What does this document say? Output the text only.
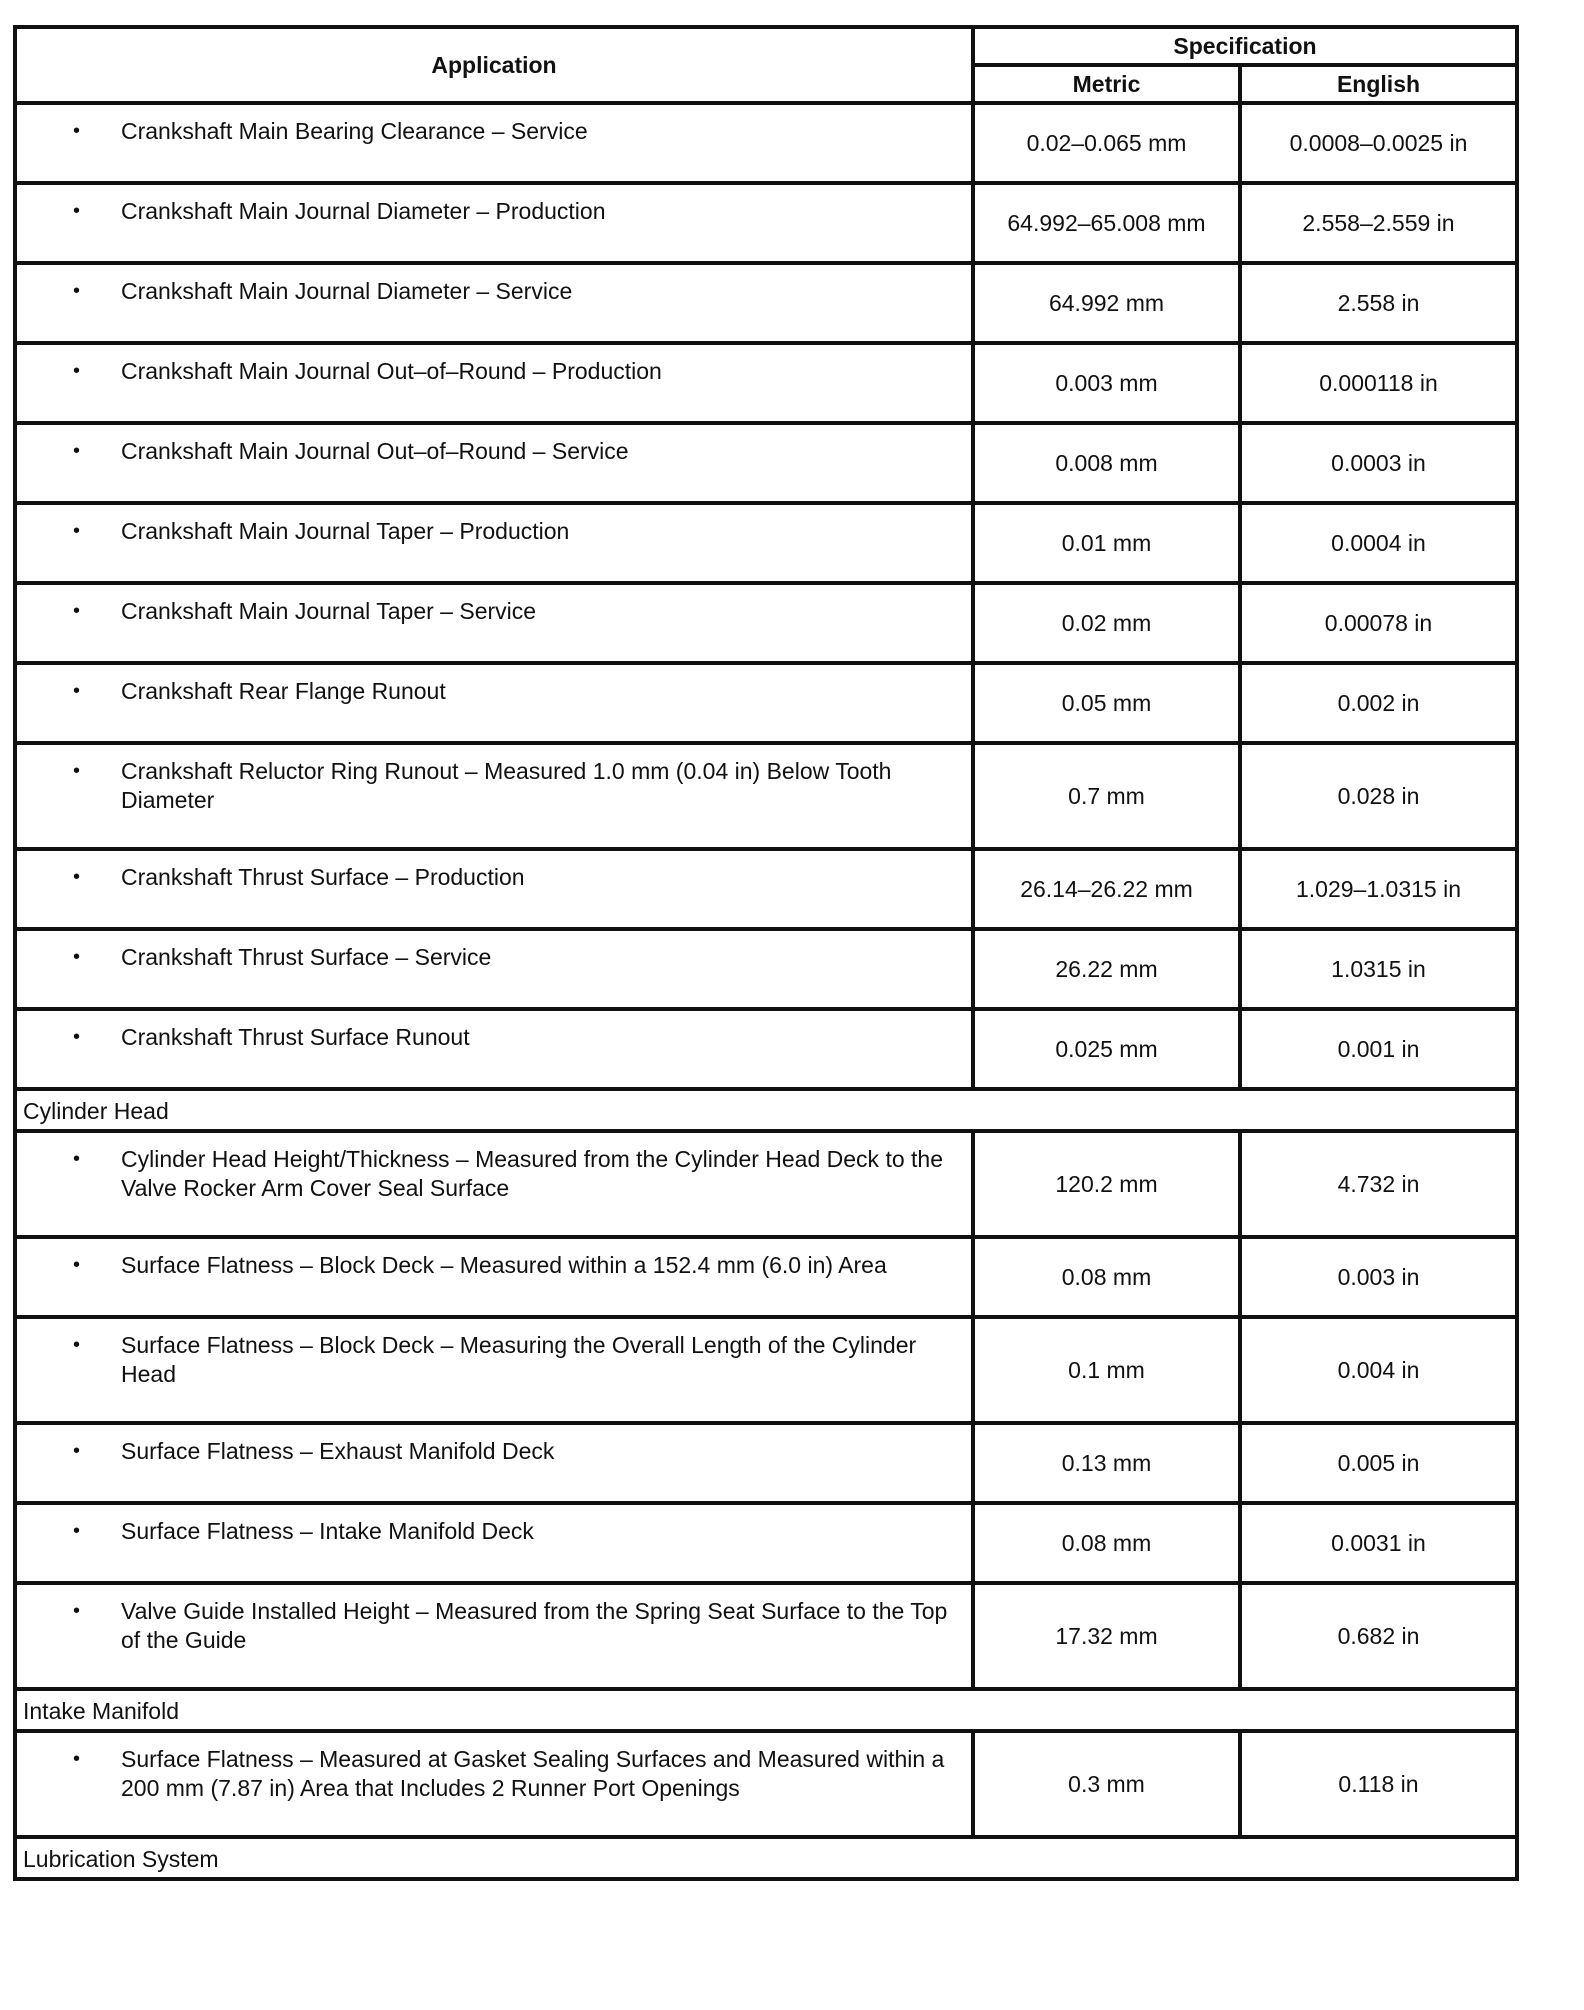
Application	Specification	
	Metric	English

• Crankshaft Main Bearing Clearance – Service	0.02–0.065 mm	0.0008–0.0025 in

• Crankshaft Main Journal Diameter – Production	64.992–65.008 mm	2.558–2.559 in

• Crankshaft Main Journal Diameter – Service	64.992 mm	2.558 in

• Crankshaft Main Journal Out–of–Round – Production	0.003 mm	0.000118 in

• Crankshaft Main Journal Out–of–Round – Service	0.008 mm	0.0003 in

• Crankshaft Main Journal Taper – Production	0.01 mm	0.0004 in

• Crankshaft Main Journal Taper – Service	0.02 mm	0.00078 in

• Crankshaft Rear Flange Runout	0.05 mm	0.002 in

• Crankshaft Reluctor Ring Runout – Measured 1.0 mm (0.04 in) Below Tooth Diameter	0.7 mm	0.028 in

• Crankshaft Thrust Surface – Production	26.14–26.22 mm	1.029–1.0315 in

• Crankshaft Thrust Surface – Service	26.22 mm	1.0315 in

• Crankshaft Thrust Surface Runout	0.025 mm	0.001 in
Cylinder Head		

• Cylinder Head Height/Thickness – Measured from the Cylinder Head Deck to the Valve Rocker Arm Cover Seal Surface	120.2 mm	4.732 in

• Surface Flatness – Block Deck – Measured within a 152.4 mm (6.0 in) Area	0.08 mm	0.003 in

• Surface Flatness – Block Deck – Measuring the Overall Length of the Cylinder Head	0.1 mm	0.004 in

• Surface Flatness – Exhaust Manifold Deck	0.13 mm	0.005 in

• Surface Flatness – Intake Manifold Deck	0.08 mm	0.0031 in

• Valve Guide Installed Height – Measured from the Spring Seat Surface to the Top of the Guide	17.32 mm	0.682 in
Intake Manifold		

• Surface Flatness – Measured at Gasket Sealing Surfaces and Measured within a 200 mm (7.87 in) Area that Includes 2 Runner Port Openings	0.3 mm	0.118 in
Lubrication System		
